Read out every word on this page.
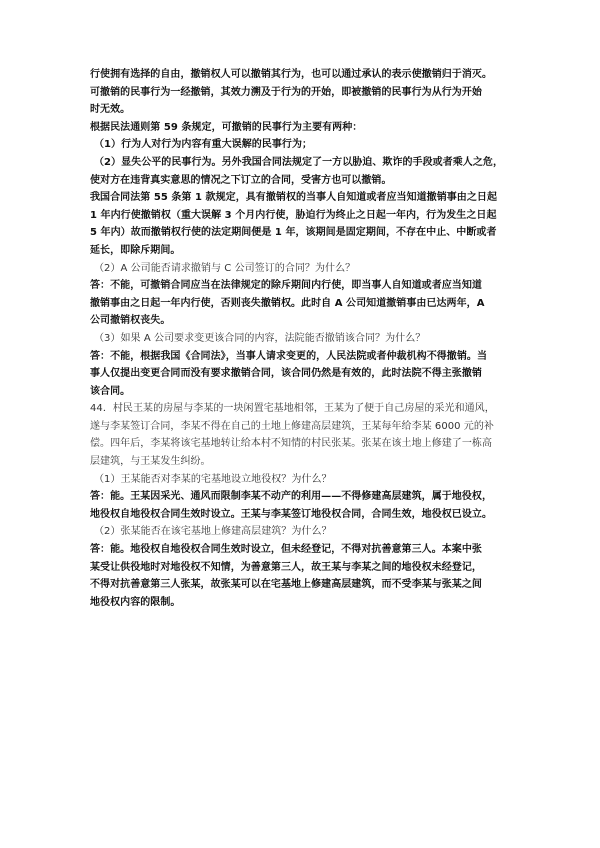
行使拥有选择的自由，撤销权人可以撤销其行为，也可以通过承认的表示使撤销归于消灭。
可撤销的民事行为一经撤销，其效力溯及于行为的开始，即被撤销的民事行为从行为开始
时无效。
根据民法通则第 59 条规定，可撤销的民事行为主要有两种：
（1）行为人对行为内容有重大误解的民事行为；
（2）显失公平的民事行为。另外我国合同法规定了一方以胁迫、欺诈的手段或者乘人之危，
使对方在违背真实意思的情况之下订立的合同，受害方也可以撤销。
我国合同法第 55 条第 1 款规定，具有撤销权的当事人自知道或者应当知道撤销事由之日起
1 年内行使撤销权（重大误解 3 个月内行使，胁迫行为终止之日起一年内，行为发生之日起
5 年内）故而撤销权行使的法定期间便是 1 年，该期间是固定期间，不存在中止、中断或者
延长，即除斥期间。
（2）A 公司能否请求撤销与 C 公司签订的合同？为什么？
答：不能，可撤销合同应当在法律规定的除斥期间内行使，即当事人自知道或者应当知道
撤销事由之日起一年内行使，否则丧失撤销权。此时自 A 公司知道撤销事由已达两年，A
公司撤销权丧失。
（3）如果 A 公司要求变更该合同的内容，法院能否撤销该合同？为什么？
答：不能，根据我国《合同法》，当事人请求变更的，人民法院或者仲裁机构不得撤销。当
事人仅提出变更合同而没有要求撤销合同，该合同仍然是有效的，此时法院不得主张撤销
该合同。
44．村民王某的房屋与李某的一块闲置宅基地相邻，王某为了便于自己房屋的采光和通风，
遂与李某签订合同，李某不得在自己的土地上修建高层建筑，王某每年给李某 6000 元的补
偿。四年后，李某将该宅基地转让给本村不知情的村民张某。张某在该土地上修建了一栋高
层建筑，与王某发生纠纷。
（1）王某能否对李某的宅基地设立地役权？为什么？
答：能。王某因采光、通风而限制李某不动产的利用——不得修建高层建筑，属于地役权，
地役权自地役权合同生效时设立。王某与李某签订地役权合同，合同生效，地役权已设立。
（2）张某能否在该宅基地上修建高层建筑？为什么？
答：能。地役权自地役权合同生效时设立，但未经登记，不得对抗善意第三人。本案中张
某受让供役地时对地役权不知情，为善意第三人，故王某与李某之间的地役权未经登记，
不得对抗善意第三人张某，故张某可以在宅基地上修建高层建筑，而不受李某与张某之间
地役权内容的限制。
